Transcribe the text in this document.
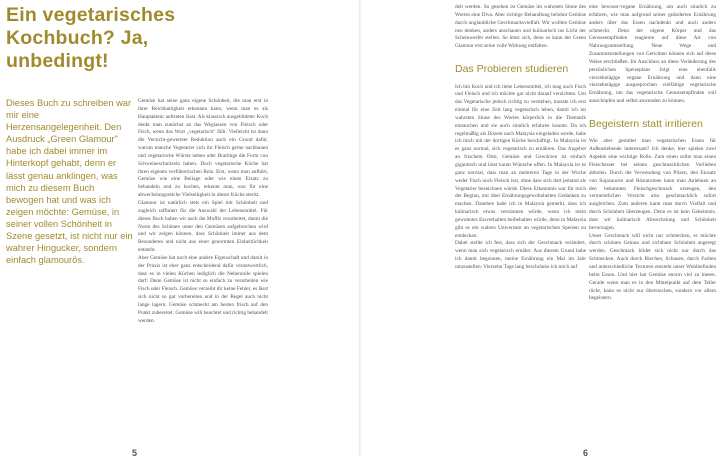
Ein vegetarisches Kochbuch? Ja, unbedingt!

Dieses Buch zu schreiben war mir eine Herzensangelegenheit. Den Ausdruck „Green Glamour" habe ich dabei immer im Hinterkopf gehabt, denn er lässt genau anklingen, was mich zu diesem Buch bewogen hat und was ich zeigen möchte: Gemüse, in seiner vollen Schönheit in Szene gesetzt, ist nicht nur ein wahrer Hingucker, sondern einfach glamourös.

Gemüse hat seine ganz eigene Schönheit, die man erst in ihrer Reichhaltigkeit erkennen kann, wenn man es als Hauptakteur auftreten lässt. Als klassisch ausgebildeter Koch denkt man zunächst an das Weglassen von Fleisch oder Fisch, wenn das Wort „vegetarisch" fällt. Vielleicht ist dann die Verzicht-gewertete Reduktion auch ein Grund dafür, warum manche Vegetarier sich ihr Fleisch gerne nachbauen und vegetarische Würste neben oder Bratlinge die Form von Schweineschnitzeln haben. Doch vegetarische Küche hat ihren eigenen verführerischen Reiz. Erst, wenn man aufhört, Gemüse wie eine Beilage oder wie einen Ersatz zu behandeln und zu kochen, erkennt man, was für eine abwechslungsreiche Vielseitigkeit in dieser Küche steckt.

Glamour ist natürlich stets ein Spiel mit Schönheit und zugleich raffiniert für die Auswahl der Lebensmittel. Für dieses Buch haben wir auch die Muffis verarbeitet, damit die Norm des Schönen unter den Gemüsen aufgebrochen wird und wir zeigen können, dass Schönheit immer aus dem Besonderen und nicht aus einer genormten Einheitlichkeit entsteht.

Aber Gemüse hat noch eine andere Eigenschaft und damit in der Praxis ist eher ganz entscheidend dafür verantwortlich, dass es in vielen Küchen lediglich die Nebenrolle spielen darf: Denn Gemüse ist nicht so einfach zu verarbeiten wie Fisch oder Fleisch. Gemüse verzeiht dir keine Fehler, es lässt sich nicht so gut vorbereiten und in der Regel auch nicht lange lagern. Gemüse schmeckt am besten frisch auf den Punkt zubereitet. Gemüse will beachtet und richtig behandelt werden.

5

delt werden. So gesehen ist Gemüse im wahrsten Sinne des Wortes eine Diva. Aber richtige Behandlung belohnt Gemüse durch unglaubliche Geschmacksvielfalt. Wir wollten Gemüse neu denken, anders anschauen und kulinarisch ins Licht der Scheinwerfer stellen. So lebst sich, denn so kann der Green Glamour erst seine volle Wirkung entfalten.

Das Probieren studieren

Ich bin Koch und ich liebe Lebensmittel, ich mag auch Fisch und Fleisch und ich möchte gar nicht darauf verzichten. Um das Vegetarische jedoch richtig zu verstehen, musste ich erst einmal für eine Zeit lang vegetarisch leben, damit ich im wahrsten Sinne des Wortes körperlich in die Thematik eintauchen und sie auch sinnlich erfahren konnte. Da ich regelmäßig als Dozent nach Malaysia eingeladen werde, habe ich mich mit der dortigen Küche beschäftigt. In Malaysia ist es ganz normal, sich vegetarisch zu ernähren. Das Angebot an frischem Obst, Gemüse und Gewürzen ist einfach gigantisch und lässt kaum Wünsche offen. In Malaysia ist es ganz normal, dass man an mehreren Tage in der Woche weder Fisch noch Fleisch isst, ohne dass sich dort jemand als Vegetarier bezeichnen würde. Diese Erkenntnis war für mich der Beginn, mir über Ernährungsgewohnheiten Gedanken zu machen. Daneben habe ich in Malaysia gemerkt, dass ich kulinarisch etwas versäumen würde, wenn ich mein gewohntes Essverhalten beibehalten würde, denn in Malaysia gibt es ein wahres Universum an vegetarischen Speisen zu entdecken.

Dabei stellte ich fest, dass sich der Geschmack verändert, wenn man sich vegetarisch ernährt. Aus diesem Grund habe ich damit begonnen, meine Ernährung ein Mal im Jahr umzustellen: Vierzehn Tage lang beschränke ich mich auf

eine bewusst-vegane Ernährung, um auch sinnlich zu erfahren, wie man aufgrund seiner geänderten Ernährung anders über das Essen nachdenkt und auch anders schmeckt. Denn der eigene Körper und das Genussempfinden reagieren auf diese Art von Nahrungsumstellung. Neue Wege und Zusammenstellungen von Gerichten können sich auf diese Weise erschließen. Im Anschluss an diese Veränderung des persönlichen Speiseplans folgt eine ebenfalls vierzehntägige vegane Ernährung und dann eine vierzehntägige ausgesprochen vielfältige vegetarische Ernährung, um das vegetarische Genussempfinden voll ausschöpfen und selbst anwenden zu können.

Begeistern statt irritieren

Wie aber gestaltet man vegetarischen Essen für Außenstehende interessant? Ich denke, hier spielen zwei Aspekte eine wichtige Rolle. Zum einen sollte man einen Fleischesser bei seinen geschmacklichen Vorlieben abholen. Durch die Verwendung von Pilzen, den Einsatz von Sojasaucen und Röstaromen kann man Anlehnen an den bekannten Fleischgeschmack erzeugen, den vermeintlichen Verzicht also geschmacklich sofort ausgleichen. Zum anderen kann man durch Vielfalt und durch Schönheit überzeugen. Denn es ist kein Geheimnis, dass wir kulinarisch Abwechslung und Schönheit bevorzugen.

Unser Geschmack will nicht nur schmecken, er möchte durch schönen Genuss und sichtbare Schönheit angeregt werden. Geschmack bildet sich nicht nur durch das Schmecken. Auch durch Riechen, Schauen, durch Farben und unterschiedliche Texturen entsteht unser Wohlbefinden beim Essen. Und hier hat Gemüse enorm viel zu bieten. Gerade wenn man es in den Mittelpunkt auf dem Teller rückt, kann es nicht nur überraschen, sondern vor allem begeistern.

6
